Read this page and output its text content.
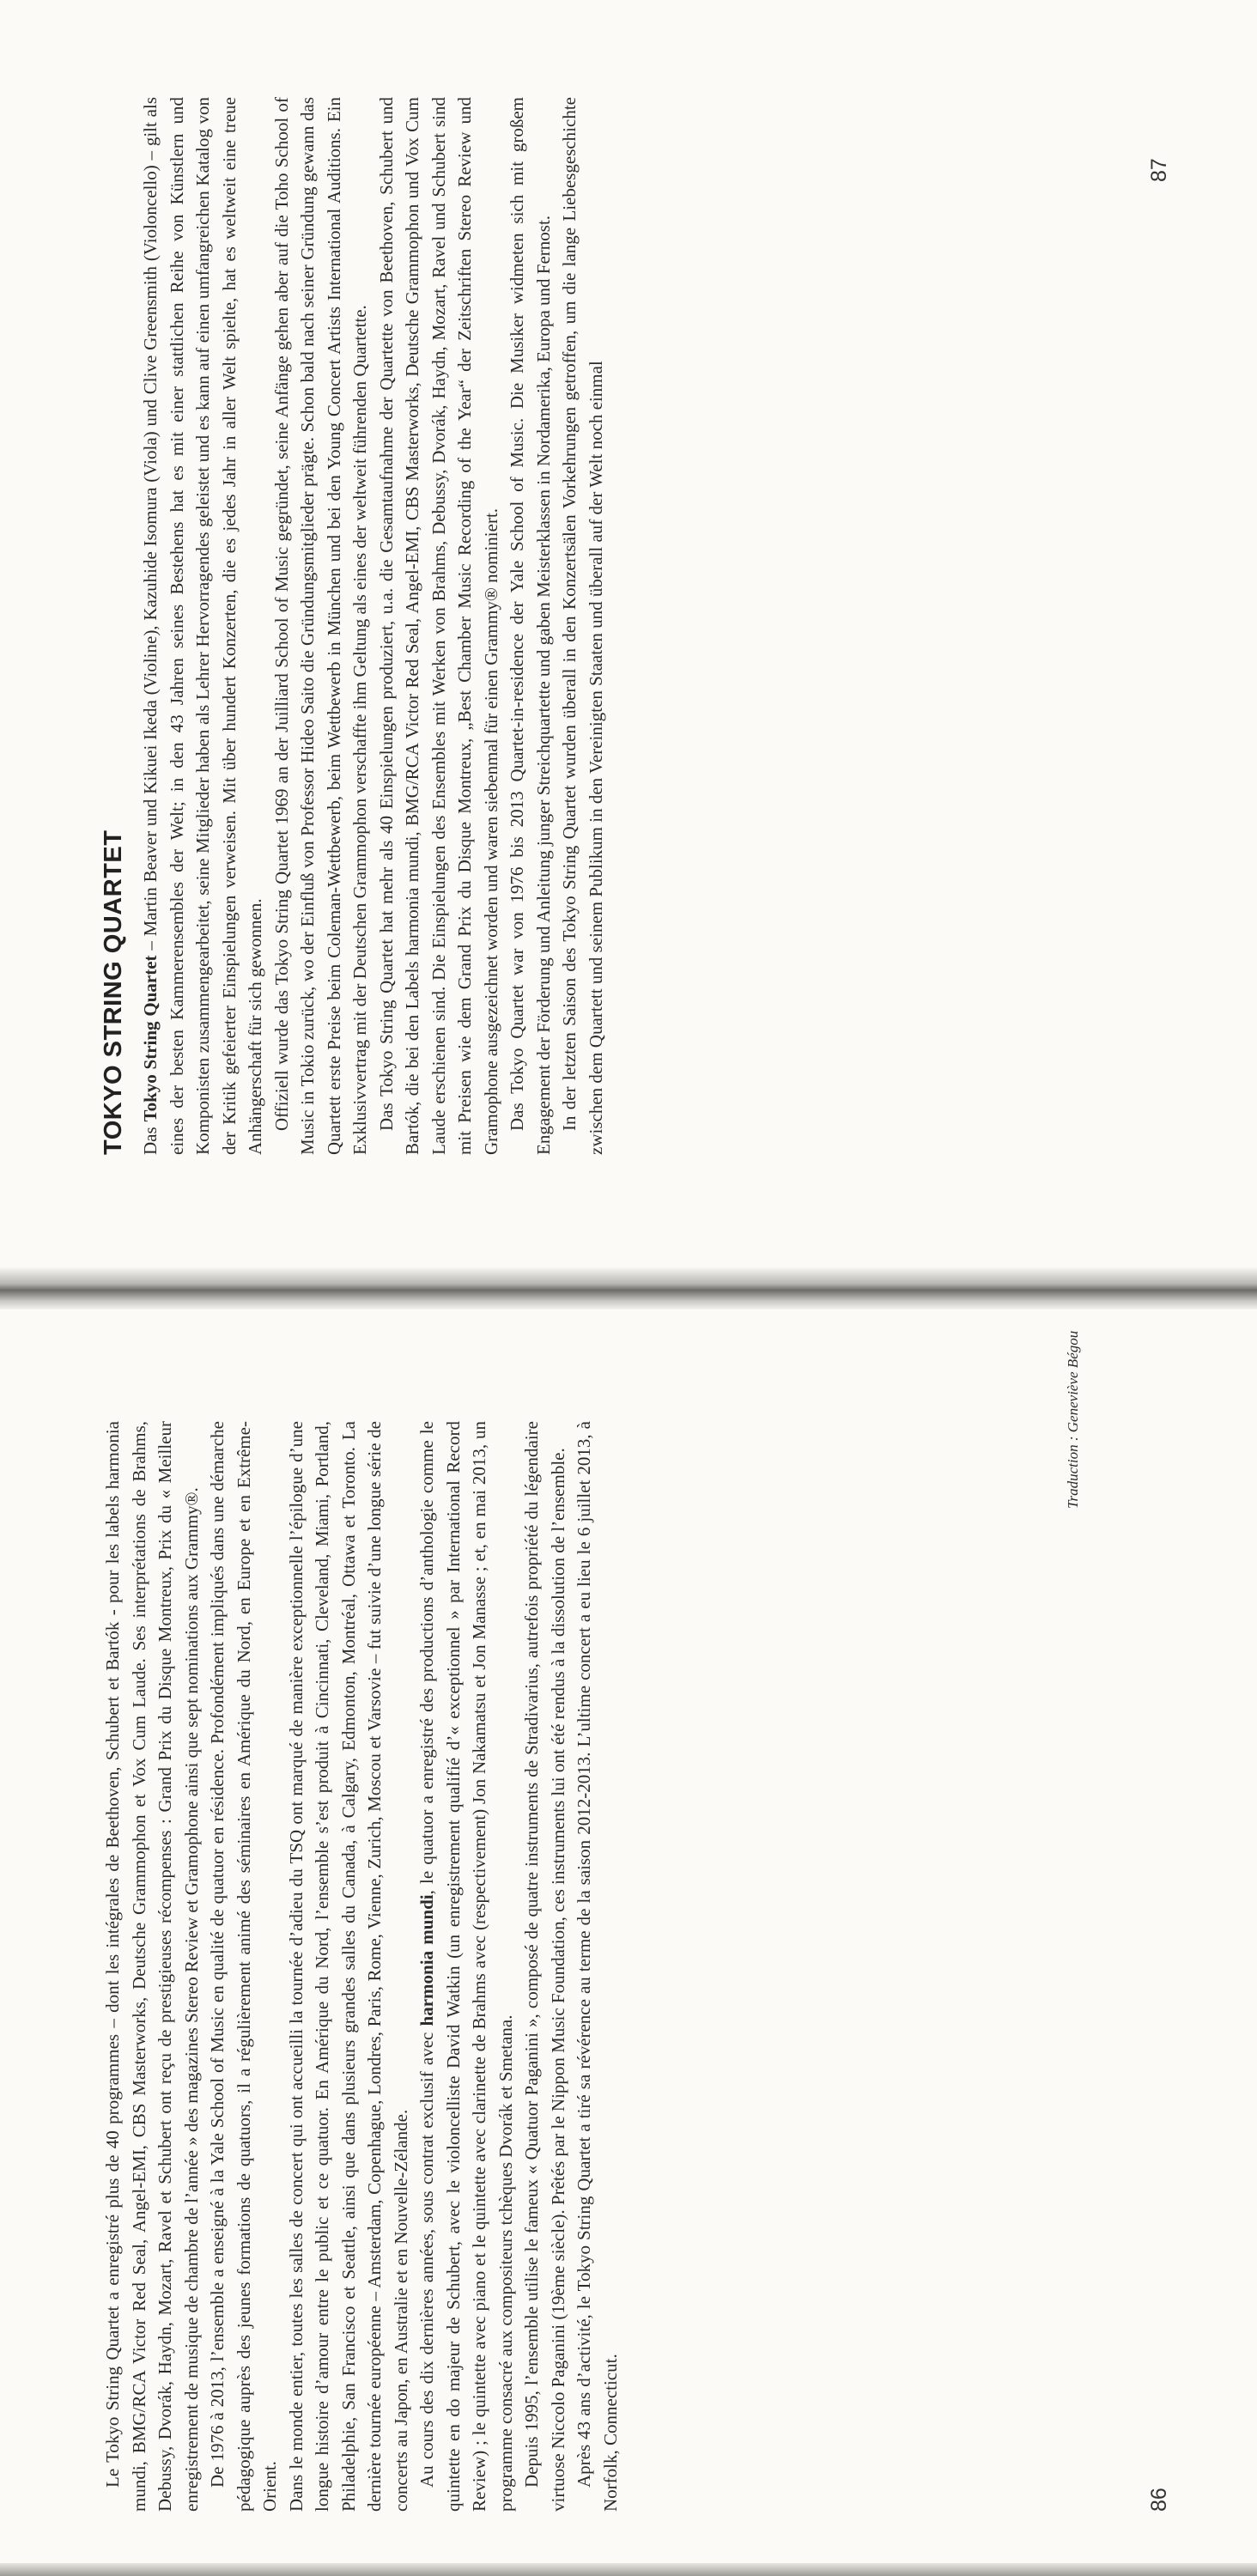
TOKYO STRING QUARTET Das Tokyo String Quartet – Martin Beaver und Kikuei Ikeda (Violine), Kazuhide Isomura (Viola) und Clive Greensmith (Violoncello) – gilt als eines der besten Kammerensembles der Welt; in den 43 Jahren seines Bestehens hat es mit einer stattlichen Reihe von Künstlern und Komponisten zusammengearbeitet, seine Mitglieder haben als Lehrer Hervorragendes geleistet und es kann auf einen umfangreichen Katalog von der Kritik gefeierter Einspielungen verweisen. Mit über hundert Konzerten, die es jedes Jahr in aller Welt spielte, hat es weltweit eine treue Anhängerschaft für sich gewonnen. Offiziell wurde das Tokyo String Quartet 1969 an der Juilliard School of Music gegründet, seine Anfänge gehen aber auf die Toho School of Music in Tokio zurück, wo der Einfluß von Professor Hideo Saito die Gründungsmitglieder prägte. Schon bald nach seiner Gründung gewann das Quartett erste Preise beim Coleman-Wettbewerb, beim Wettbewerb in München und bei den Young Concert Artists International Auditions. Ein Exklusivvertrag mit der Deutschen Grammophon verschaffte ihm Geltung als eines der weltweit führenden Quartette. Das Tokyo String Quartet hat mehr als 40 Einspielungen produziert, u.a. die Gesamtaufnahme der Quartette von Beethoven, Schubert und Bartók, die bei den Labels harmonia mundi, BMG/RCA Victor Red Seal, Angel-EMI, CBS Masterworks, Deutsche Grammophon und Vox Cum Laude erschienen sind. Die Einspielungen des Ensembles mit Werken von Brahms, Debussy, Dvorák, Haydn, Mozart, Ravel und Schubert sind mit Preisen wie dem Grand Prix du Disque Montreux, „Best Chamber Music Recording of the Year“ der Zeitschriften Stereo Review und Gramophone ausgezeichnet worden und waren siebenmal für einen Grammy® nominiert. Das Tokyo Quartet war von 1976 bis 2013 Quartet-in-residence der Yale School of Music. Die Musiker widmeten sich mit großem Engagement der Förderung und Anleitung junger Streichquartette und gaben Meisterklassen in Nordamerika, Europa und Fernost. In der letzten Saison des Tokyo String Quartet wurden überall in den Konzertsälen Vorkehrungen getroffen, um die lange Liebesgeschichte zwischen dem Quartett und seinem Publikum in den Vereinigten Staaten und überall auf der Welt noch einmal

87

Le Tokyo String Quartet a enregistré plus de 40 programmes – dont les intégrales de Beethoven, Schubert et Bartók - pour les labels harmonia mundi, BMG/RCA Victor Red Seal, Angel-EMI, CBS Masterworks, Deutsche Grammophon et Vox Cum Laude. Ses interprétations de Brahms, Debussy, Dvorák, Haydn, Mozart, Ravel et Schubert ont reçu de prestigieuses récompenses : Grand Prix du Disque Montreux, Prix du « Meilleur enregistrement de musique de chambre de l’année » des magazines Stereo Review et Gramophone ainsi que sept nominations aux Grammy®. De 1976 à 2013, l’ensemble a enseigné à la Yale School of Music en qualité de quatuor en résidence. Profondément impliqués dans une démarche pédagogique auprès des jeunes formations de quatuors, il a régulièrement animé des séminaires en Amérique du Nord, en Europe et en Extrême-Orient. Dans le monde entier, toutes les salles de concert qui ont accueilli la tournée d’adieu du TSQ ont marqué de manière exceptionnelle l’épilogue d’une longue histoire d’amour entre le public et ce quatuor. En Amérique du Nord, l’ensemble s’est produit à Cincinnati, Cleveland, Miami, Portland, Philadelphie, San Francisco et Seattle, ainsi que dans plusieurs grandes salles du Canada, à Calgary, Edmonton, Montréal, Ottawa et Toronto. La dernière tournée européenne – Amsterdam, Copenhague, Londres, Paris, Rome, Vienne, Zurich, Moscou et Varsovie – fut suivie d’une longue série de concerts au Japon, en Australie et en Nouvelle-Zélande. Au cours des dix dernières années, sous contrat exclusif avec harmonia mundi, le quatuor a enregistré des productions d’anthologie comme le quintette en do majeur de Schubert, avec le violoncelliste David Watkin (un enregistrement qualifié d’« exceptionnel » par International Record Review) ; le quintette avec piano et le quintette avec clarinette de Brahms avec (respectivement) Jon Nakamatsu et Jon Manasse ; et, en mai 2013, un programme consacré aux compositeurs tchèques Dvorák et Smetana. Depuis 1995, l’ensemble utilise le fameux « Quatuor Paganini », composé de quatre instruments de Stradivarius, autrefois propriété du légendaire virtuose Niccolo Paganini (19ème siècle). Prêtés par le Nippon Music Foundation, ces instruments lui ont été rendus à la dissolution de l’ensemble. Après 43 ans d’activité, le Tokyo String Quartet a tiré sa révérence au terme de la saison 2012-2013. L’ultime concert a eu lieu le 6 juillet 2013, à Norfolk, Connecticut.

Traduction : Geneviève Bégou
86
